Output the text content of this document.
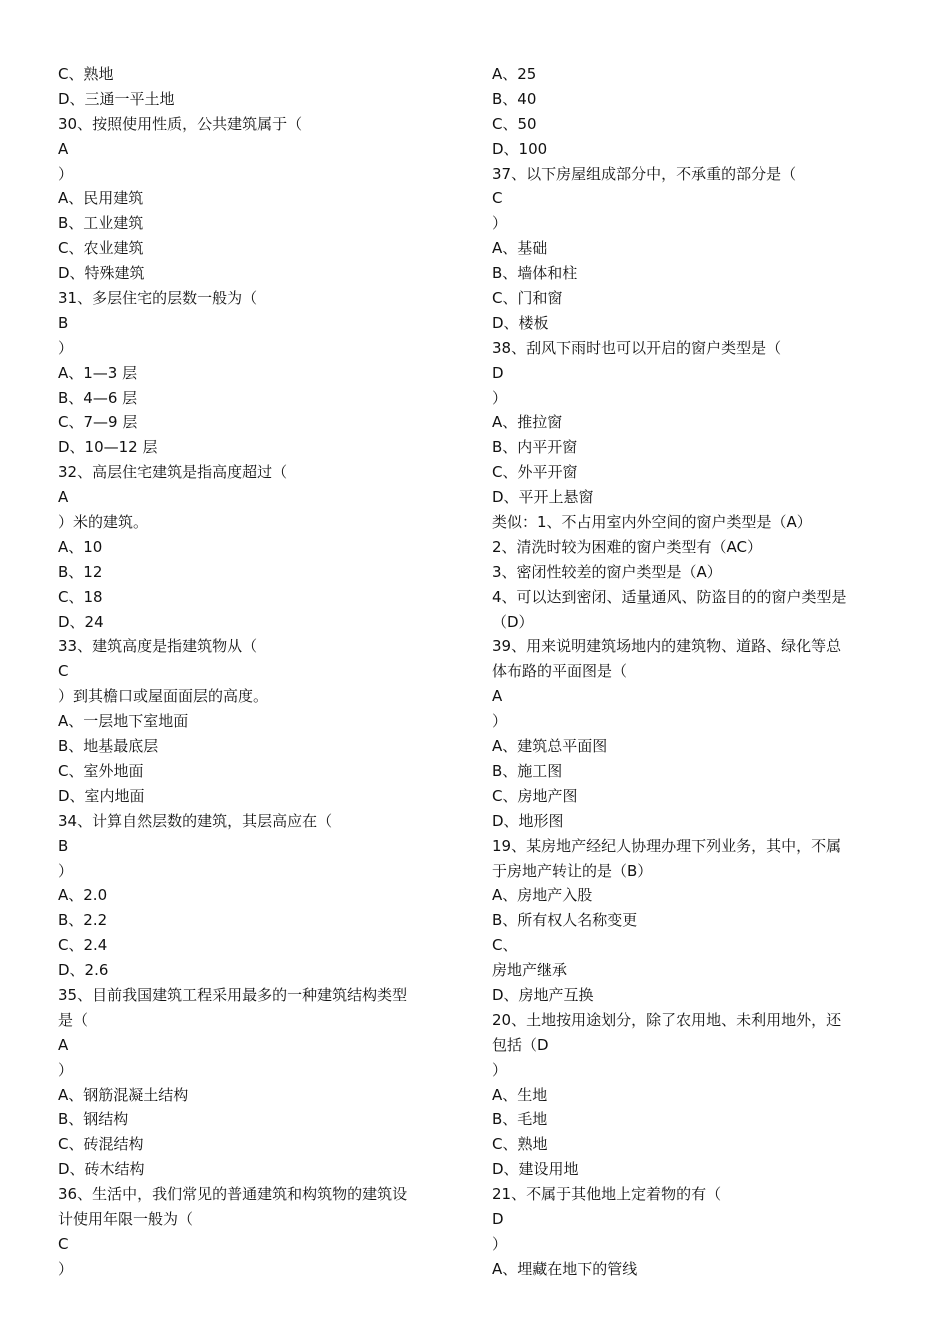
C、熟地
D、三通一平土地
30、按照使用性质，公共建筑属于（
A
）
A、民用建筑
B、工业建筑
C、农业建筑
D、特殊建筑
31、多层住宅的层数一般为（
B
）
A、1—3 层
B、4—6 层
C、7—9 层
D、10—12 层
32、高层住宅建筑是指高度超过（
A
）米的建筑。
A、10
B、12
C、18
D、24
33、建筑高度是指建筑物从（
C
）到其檐口或屋面面层的高度。
A、一层地下室地面
B、地基最底层
C、室外地面
D、室内地面
34、计算自然层数的建筑，其层高应在（
B
）
A、2.0
B、2.2
C、2.4
D、2.6
35、目前我国建筑工程采用最多的一种建筑结构类型
是（
A
）
A、钢筋混凝土结构
B、钢结构
C、砖混结构
D、砖木结构
36、生活中，我们常见的普通建筑和构筑物的建筑设
计使用年限一般为（
C
）
A、25
B、40
C、50
D、100
37、以下房屋组成部分中，不承重的部分是（
C
）
A、基础
B、墙体和柱
C、门和窗
D、楼板
38、刮风下雨时也可以开启的窗户类型是（
D
）
A、推拉窗
B、内平开窗
C、外平开窗
D、平开上悬窗
类似：1、不占用室内外空间的窗户类型是（A）
2、清洗时较为困难的窗户类型有（AC）
3、密闭性较差的窗户类型是（A）
4、可以达到密闭、适量通风、防盗目的的窗户类型是
（D）
39、用来说明建筑场地内的建筑物、道路、绿化等总
体布路的平面图是（
A
）
A、建筑总平面图
B、施工图
C、房地产图
D、地形图
19、某房地产经纪人协理办理下列业务，其中，不属
于房地产转让的是（B）
A、房地产入股
B、所有权人名称变更
C、
房地产继承
D、房地产互换
20、土地按用途划分，除了农用地、未利用地外，还
包括（D
）
A、生地
B、毛地
C、熟地
D、建设用地
21、不属于其他地上定着物的有（
D
）
A、埋藏在地下的管线
